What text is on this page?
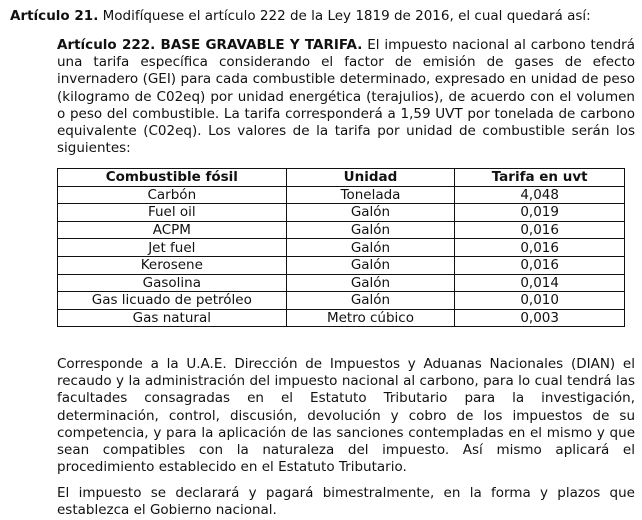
Artículo 21. Modifíquese el artículo 222 de la Ley 1819 de 2016, el cual quedará así:
Artículo 222. BASE GRAVABLE Y TARIFA. El impuesto nacional al carbono tendrá una tarifa específica considerando el factor de emisión de gases de efecto invernadero (GEI) para cada combustible determinado, expresado en unidad de peso (kilogramo de C02eq) por unidad energética (terajulios), de acuerdo con el volumen o peso del combustible. La tarifa corresponderá a 1,59 UVT por tonelada de carbono equivalente (C02eq). Los valores de la tarifa por unidad de combustible serán los siguientes:
Combustible fósil	Unidad	Tarifa en uvt
Carbón	Tonelada	4,048
Fuel oil	Galón	0,019
ACPM	Galón	0,016
Jet fuel	Galón	0,016
Kerosene	Galón	0,016
Gasolina	Galón	0,014
Gas licuado de petróleo	Galón	0,010
Gas natural	Metro cúbico	0,003
Corresponde a la U.A.E. Dirección de Impuestos y Aduanas Nacionales (DIAN) el recaudo y la administración del impuesto nacional al carbono, para lo cual tendrá las facultades consagradas en el Estatuto Tributario para la investigación, determinación, control, discusión, devolución y cobro de los impuestos de su competencia, y para la aplicación de las sanciones contempladas en el mismo y que sean compatibles con la naturaleza del impuesto. Así mismo aplicará el procedimiento establecido en el Estatuto Tributario.
El impuesto se declarará y pagará bimestralmente, en la forma y plazos que establezca el Gobierno nacional.
